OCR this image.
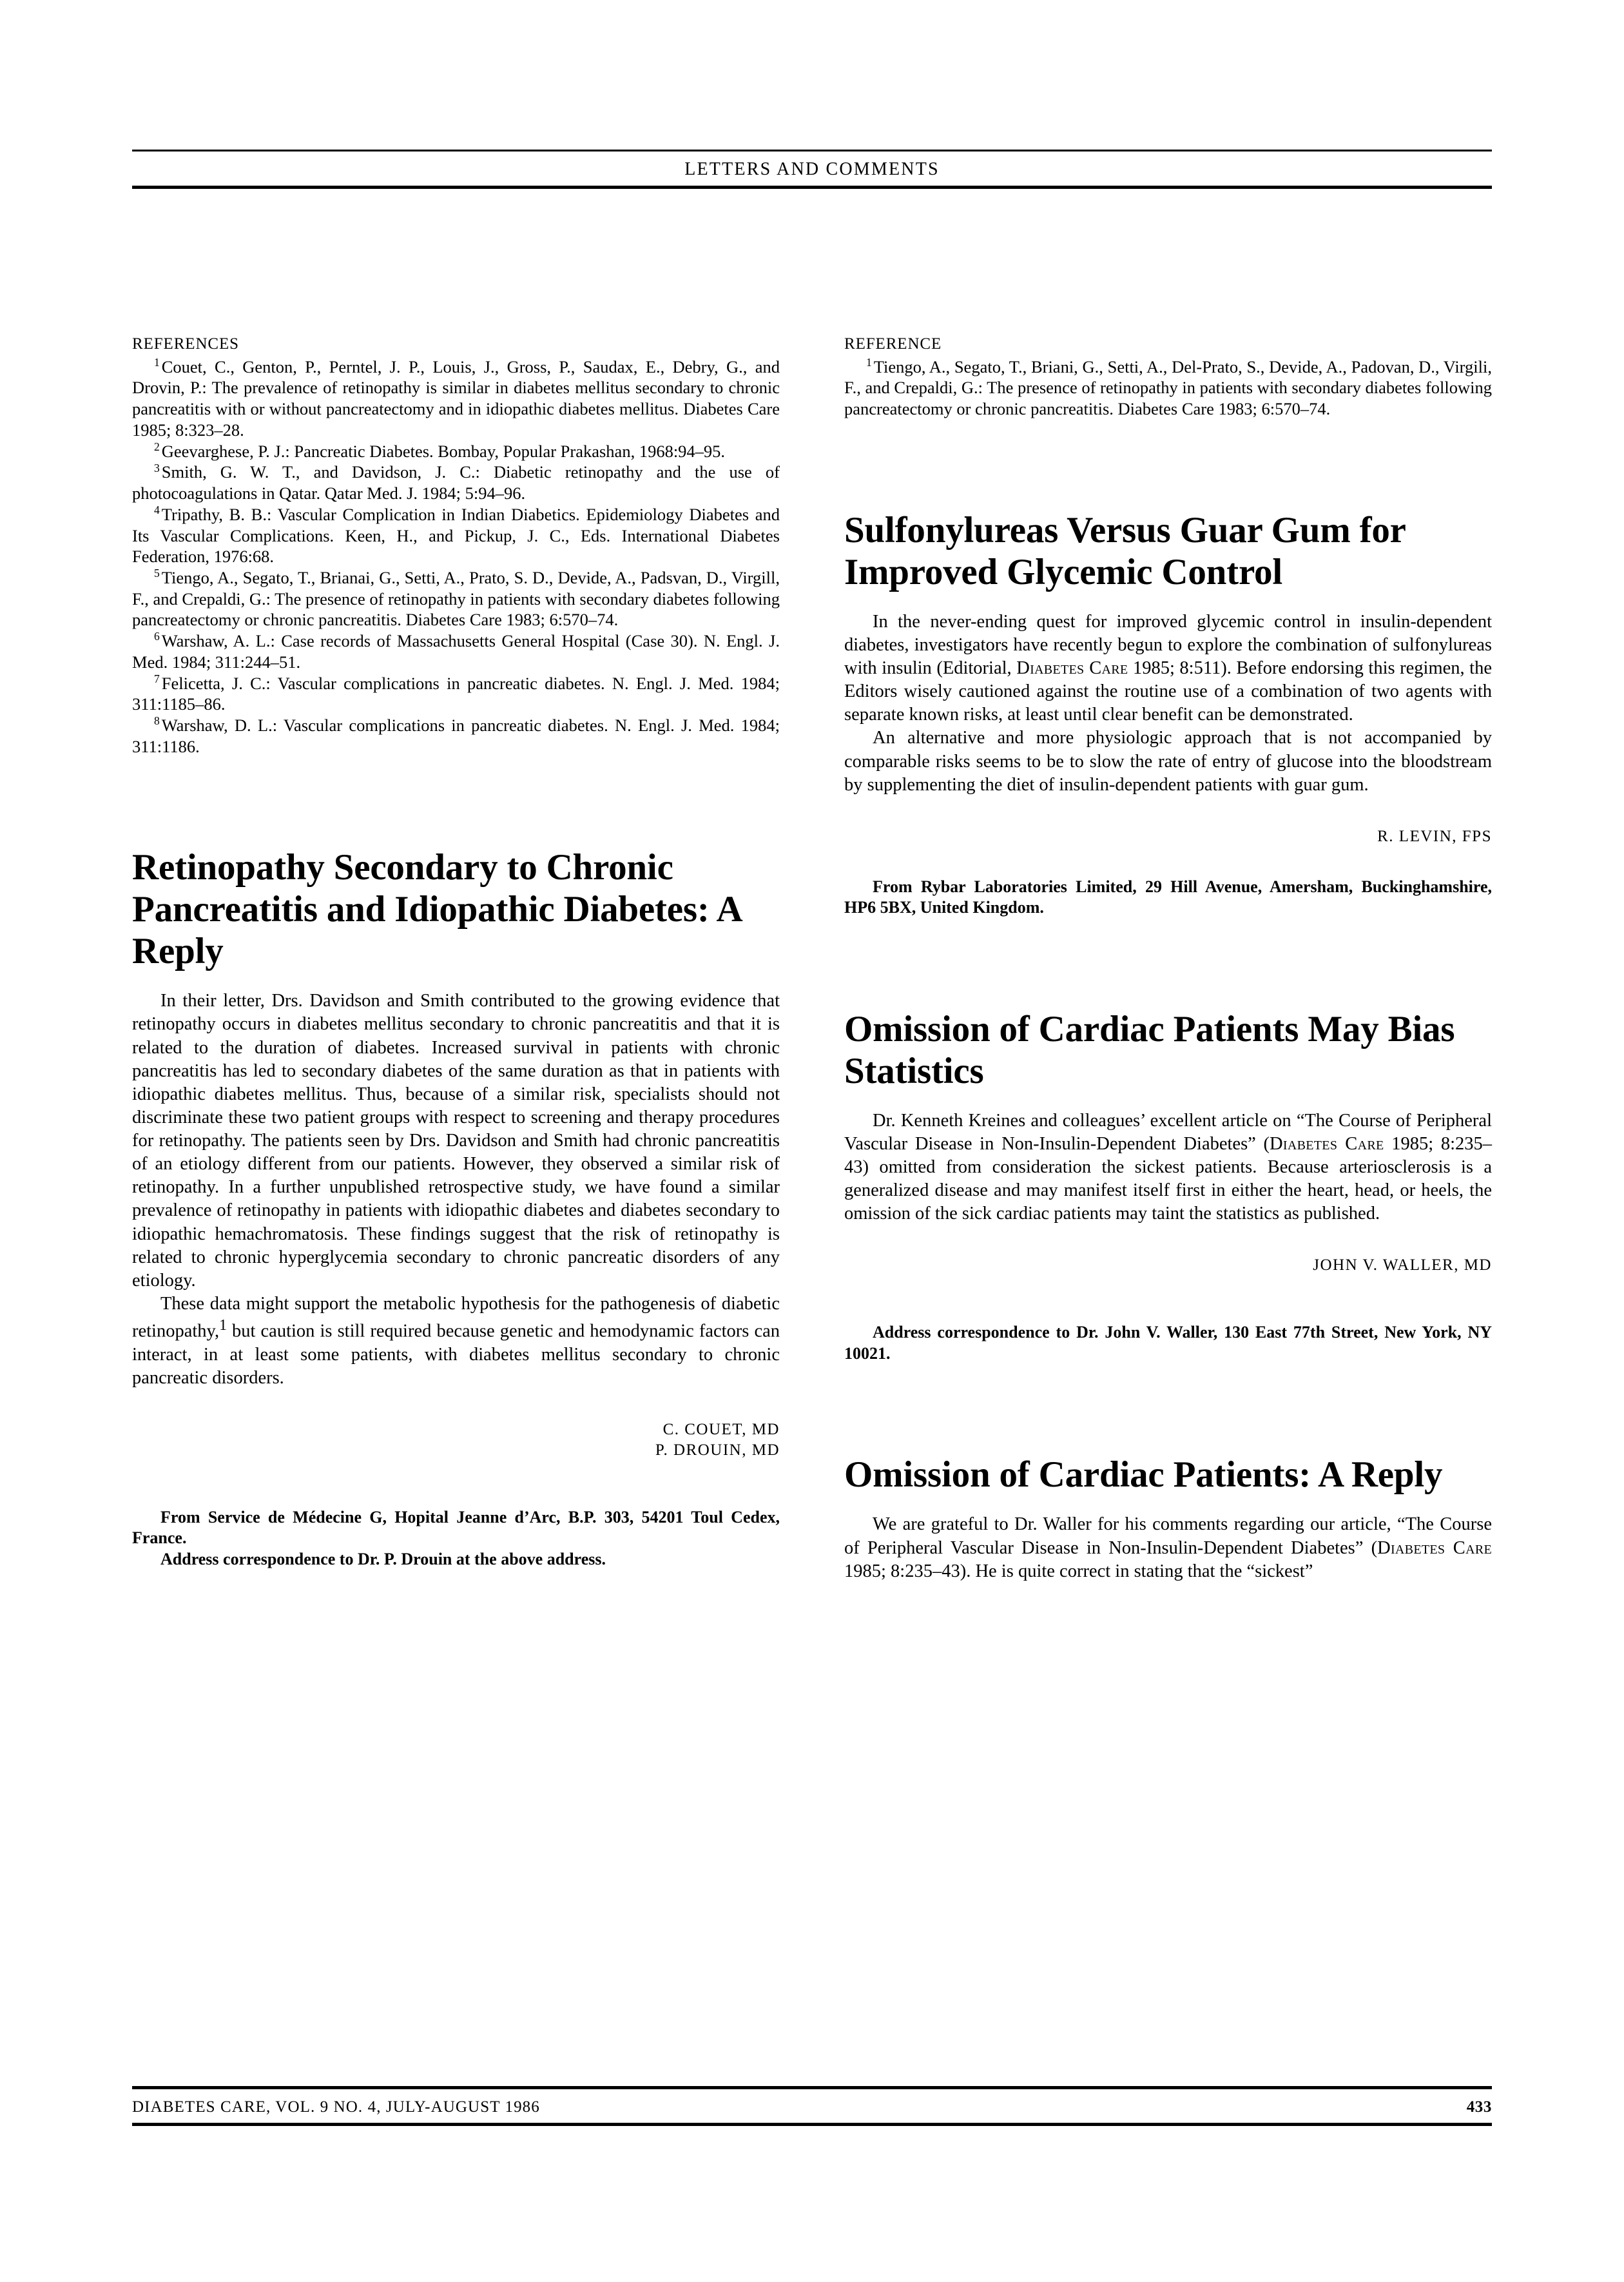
LETTERS AND COMMENTS
REFERENCES

$^1$ Couet, C., Genton, P., Perntel, J. P., Louis, J., Gross, P., Saudax, E., Debry, G., and Drovin, P.: The prevalence of retinopathy is similar in diabetes mellitus secondary to chronic pancreatitis with or without pancreatectomy and in idiopathic diabetes mellitus. Diabetes Care 1985; 8:323–28.

$^2$ Geevarghese, P. J.: Pancreatic Diabetes. Bombay, Popular Prakashan, 1968:94–95.

$^3$ Smith, G. W. T., and Davidson, J. C.: Diabetic retinopathy and the use of photocoagulations in Qatar. Qatar Med. J. 1984; 5:94–96.

$^4$ Tripathy, B. B.: Vascular Complication in Indian Diabetics. Epidemiology Diabetes and Its Vascular Complications. Keen, H., and Pickup, J. C., Eds. International Diabetes Federation, 1976:68.

$^5$ Tiengo, A., Segato, T., Brianai, G., Setti, A., Prato, S. D., Devide, A., Padsvan, D., Virgill, F., and Crepaldi, G.: The presence of retinopathy in patients with secondary diabetes following pancreatectomy or chronic pancreatitis. Diabetes Care 1983; 6:570–74.

$^6$ Warshaw, A. L.: Case records of Massachusetts General Hospital (Case 30). N. Engl. J. Med. 1984; 311:244–51.

$^7$ Felicetta, J. C.: Vascular complications in pancreatic diabetes. N. Engl. J. Med. 1984; 311:1185–86.

$^8$ Warshaw, D. L.: Vascular complications in pancreatic diabetes. N. Engl. J. Med. 1984; 311:1186.

Retinopathy Secondary to Chronic Pancreatitis and Idiopathic Diabetes: A Reply

In their letter, Drs. Davidson and Smith contributed to the growing evidence that retinopathy occurs in diabetes mellitus secondary to chronic pancreatitis and that it is related to the duration of diabetes. Increased survival in patients with chronic pancreatitis has led to secondary diabetes of the same duration as that in patients with idiopathic diabetes mellitus. Thus, because of a similar risk, specialists should not discriminate these two patient groups with respect to screening and therapy procedures for retinopathy. The patients seen by Drs. Davidson and Smith had chronic pancreatitis of an etiology different from our patients. However, they observed a similar risk of retinopathy. In a further unpublished retrospective study, we have found a similar prevalence of retinopathy in patients with idiopathic diabetes and diabetes secondary to idiopathic hemachromatosis. These findings suggest that the risk of retinopathy is related to chronic hyperglycemia secondary to chronic pancreatic disorders of any etiology.

These data might support the metabolic hypothesis for the pathogenesis of diabetic retinopathy,$^1$ but caution is still required because genetic and hemodynamic factors can interact, in at least some patients, with diabetes mellitus secondary to chronic pancreatic disorders.

C. COUET, MD

P. DROUIN, MD

From Service de Médecine G, Hopital Jeanne d’Arc, B.P. 303, 54201 Toul Cedex, France.

Address correspondence to Dr. P. Drouin at the above address.

REFERENCE

$^1$ Tiengo, A., Segato, T., Briani, G., Setti, A., Del-Prato, S., Devide, A., Padovan, D., Virgili, F., and Crepaldi, G.: The presence of retinopathy in patients with secondary diabetes following pancreatectomy or chronic pancreatitis. Diabetes Care 1983; 6:570–74.

Sulfonylureas Versus Guar Gum for Improved Glycemic Control

In the never-ending quest for improved glycemic control in insulin-dependent diabetes, investigators have recently begun to explore the combination of sulfonylureas with insulin (Editorial, Diabetes Care 1985; 8:511). Before endorsing this regimen, the Editors wisely cautioned against the routine use of a combination of two agents with separate known risks, at least until clear benefit can be demonstrated.

An alternative and more physiologic approach that is not accompanied by comparable risks seems to be to slow the rate of entry of glucose into the bloodstream by supplementing the diet of insulin-dependent patients with guar gum.

R. LEVIN, FPS

From Rybar Laboratories Limited, 29 Hill Avenue, Amersham, Buckinghamshire, HP6 5BX, United Kingdom.

Omission of Cardiac Patients May Bias Statistics

Dr. Kenneth Kreines and colleagues’ excellent article on “The Course of Peripheral Vascular Disease in Non-Insulin-Dependent Diabetes” (Diabetes Care 1985; 8:235–43) omitted from consideration the sickest patients. Because arteriosclerosis is a generalized disease and may manifest itself first in either the heart, head, or heels, the omission of the sick cardiac patients may taint the statistics as published.

JOHN V. WALLER, MD

Address correspondence to Dr. John V. Waller, 130 East 77th Street, New York, NY 10021.

Omission of Cardiac Patients: A Reply

We are grateful to Dr. Waller for his comments regarding our article, “The Course of Peripheral Vascular Disease in Non-Insulin-Dependent Diabetes” (Diabetes Care 1985; 8:235–43). He is quite correct in stating that the “sickest”

DIABETES CARE, VOL. 9 NO. 4, JULY-AUGUST 1986	433
